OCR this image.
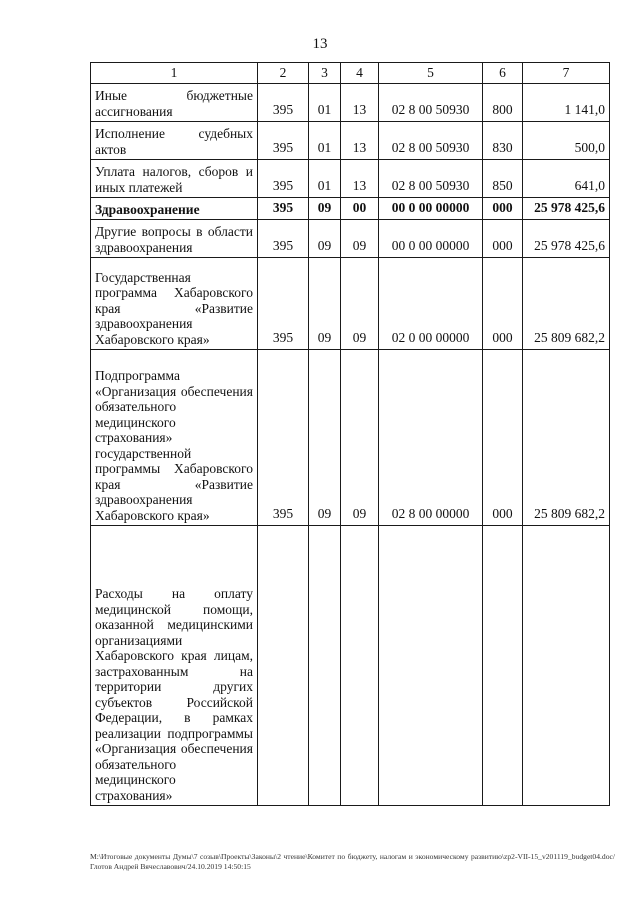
13
1	2	3	4	5	6	7
Иные бюджетные ассигнования	395	01	13	02 8 00 50930	800	1 141,0
Исполнение судебных актов	395	01	13	02 8 00 50930	830	500,0
Уплата налогов, сборов и иных платежей	395	01	13	02 8 00 50930	850	641,0
Здравоохранение	395	09	00	00 0 00 00000	000	25 978 425,6
Другие вопросы в области здравоохранения	395	09	09	00 0 00 00000	000	25 978 425,6
Государственная программа Хабаровского края «Развитие здравоохранения Хабаровского края»	395	09	09	02 0 00 00000	000	25 809 682,2
Подпрограмма «Организация обеспечения обязательного медицинского страхования» государственной программы Хабаровского края «Развитие здравоохранения Хабаровского края»	395	09	09	02 8 00 00000	000	25 809 682,2
Расходы на оплату медицинской помощи, оказанной медицинскими организациями Хабаровского края лицам, застрахованным на территории других субъектов Российской Федерации, в рамках реализации подпрограммы «Организация обеспечения обязательного медицинского страхования»						
M:\Итоговые документы Думы\7 созыв\Проекты\Законы\2 чтение\Комитет по бюджету, налогам и экономическому развитию\zp2-VII-15_v201119_budget04.doc/ Глотов Андрей Вячеславович/24.10.2019 14:50:15
